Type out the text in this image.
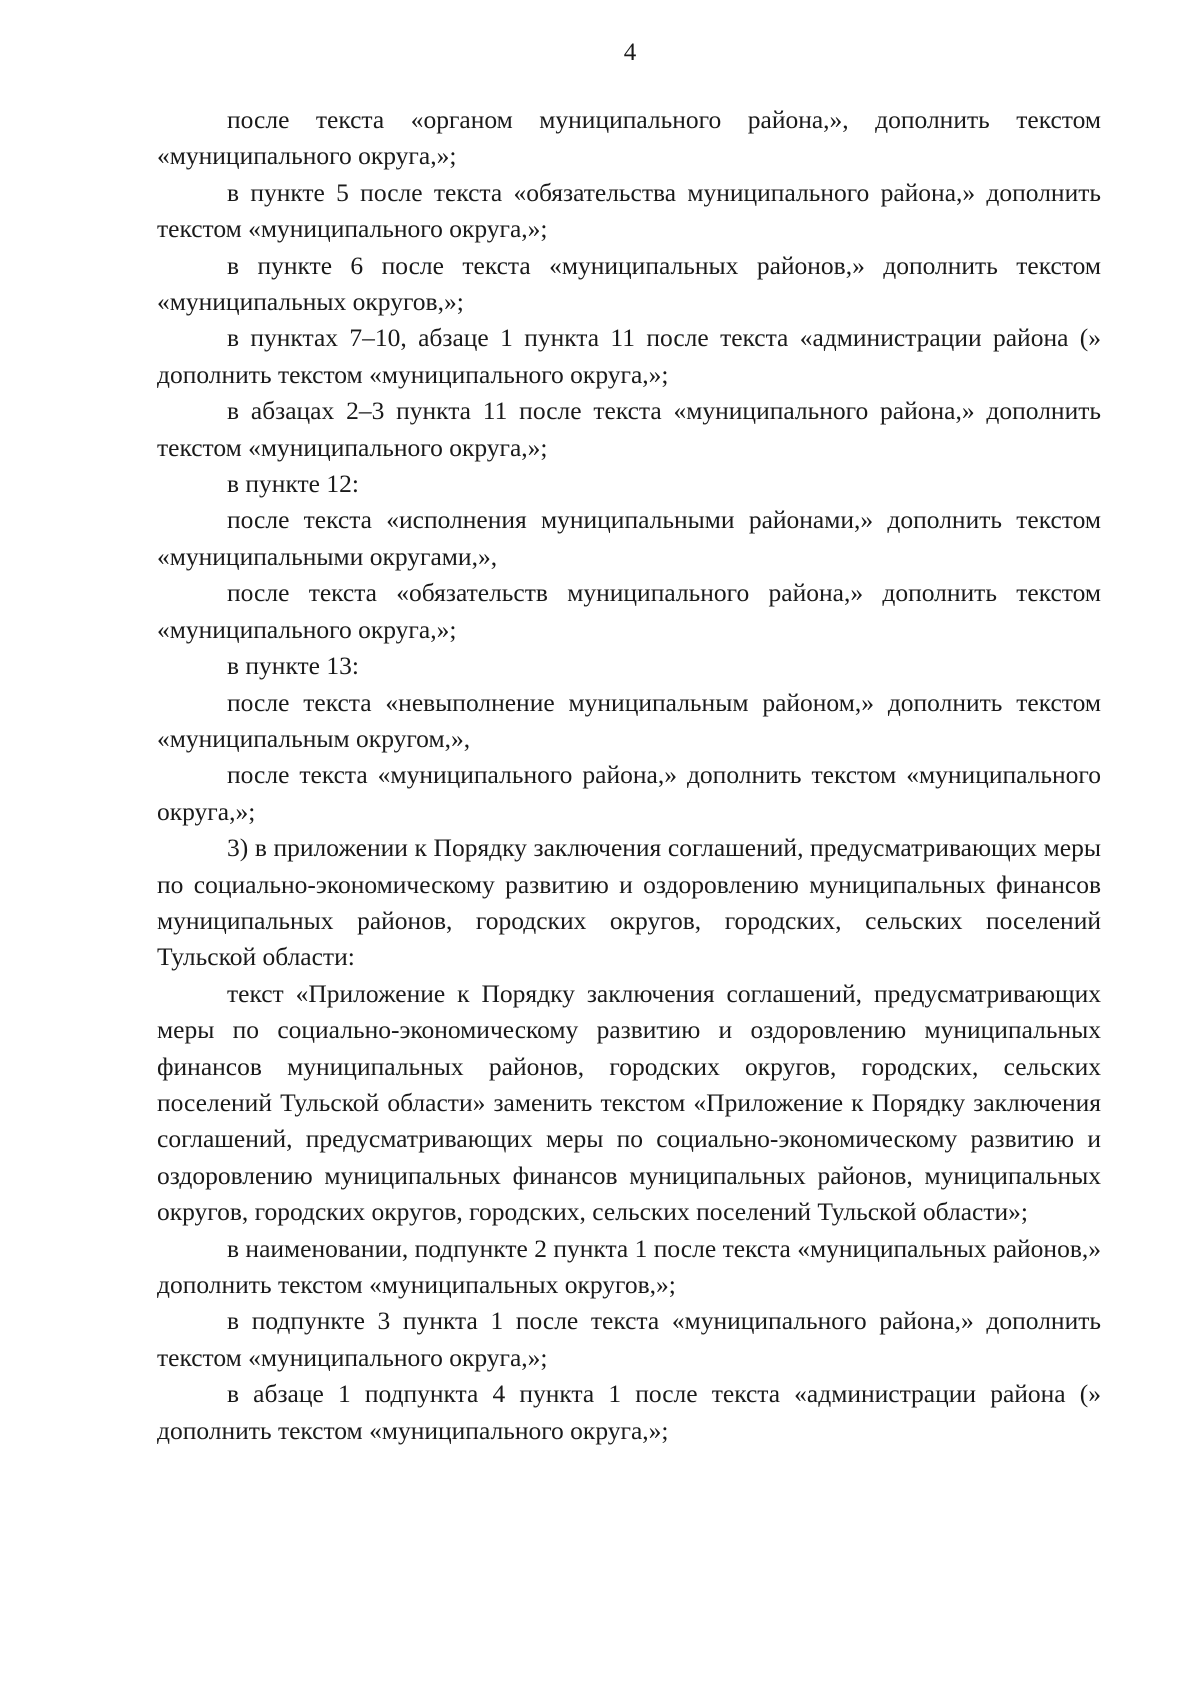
4

после текста «органом муниципального района,», дополнить текстом «муниципального округа,»;

в пункте 5 после текста «обязательства муниципального района,» дополнить текстом «муниципального округа,»;

в пункте 6 после текста «муниципальных районов,» дополнить текстом «муниципальных округов,»;

в пунктах 7–10, абзаце 1 пункта 11 после текста «администрации района (» дополнить текстом «муниципального округа,»;

в абзацах 2–3 пункта 11 после текста «муниципального района,» дополнить текстом «муниципального округа,»;

в пункте 12:

после текста «исполнения муниципальными районами,» дополнить текстом «муниципальными округами,»,

после текста «обязательств муниципального района,» дополнить текстом «муниципального округа,»;

в пункте 13:

после текста «невыполнение муниципальным районом,» дополнить текстом «муниципальным округом,»,

после текста «муниципального района,» дополнить текстом «муниципального округа,»;

3) в приложении к Порядку заключения соглашений, предусматривающих меры по социально-экономическому развитию и оздоровлению муниципальных финансов муниципальных районов, городских округов, городских, сельских поселений Тульской области:

текст «Приложение к Порядку заключения соглашений, предусматривающих меры по социально-экономическому развитию и оздоровлению муниципальных финансов муниципальных районов, городских округов, городских, сельских поселений Тульской области» заменить текстом «Приложение к Порядку заключения соглашений, предусматривающих меры по социально-экономическому развитию и оздоровлению муниципальных финансов муниципальных районов, муниципальных округов, городских округов, городских, сельских поселений Тульской области»;

в наименовании, подпункте 2 пункта 1 после текста «муниципальных районов,» дополнить текстом «муниципальных округов,»;

в подпункте 3 пункта 1 после текста «муниципального района,» дополнить текстом «муниципального округа,»;

в абзаце 1 подпункта 4 пункта 1 после текста «администрации района (» дополнить текстом «муниципального округа,»;
